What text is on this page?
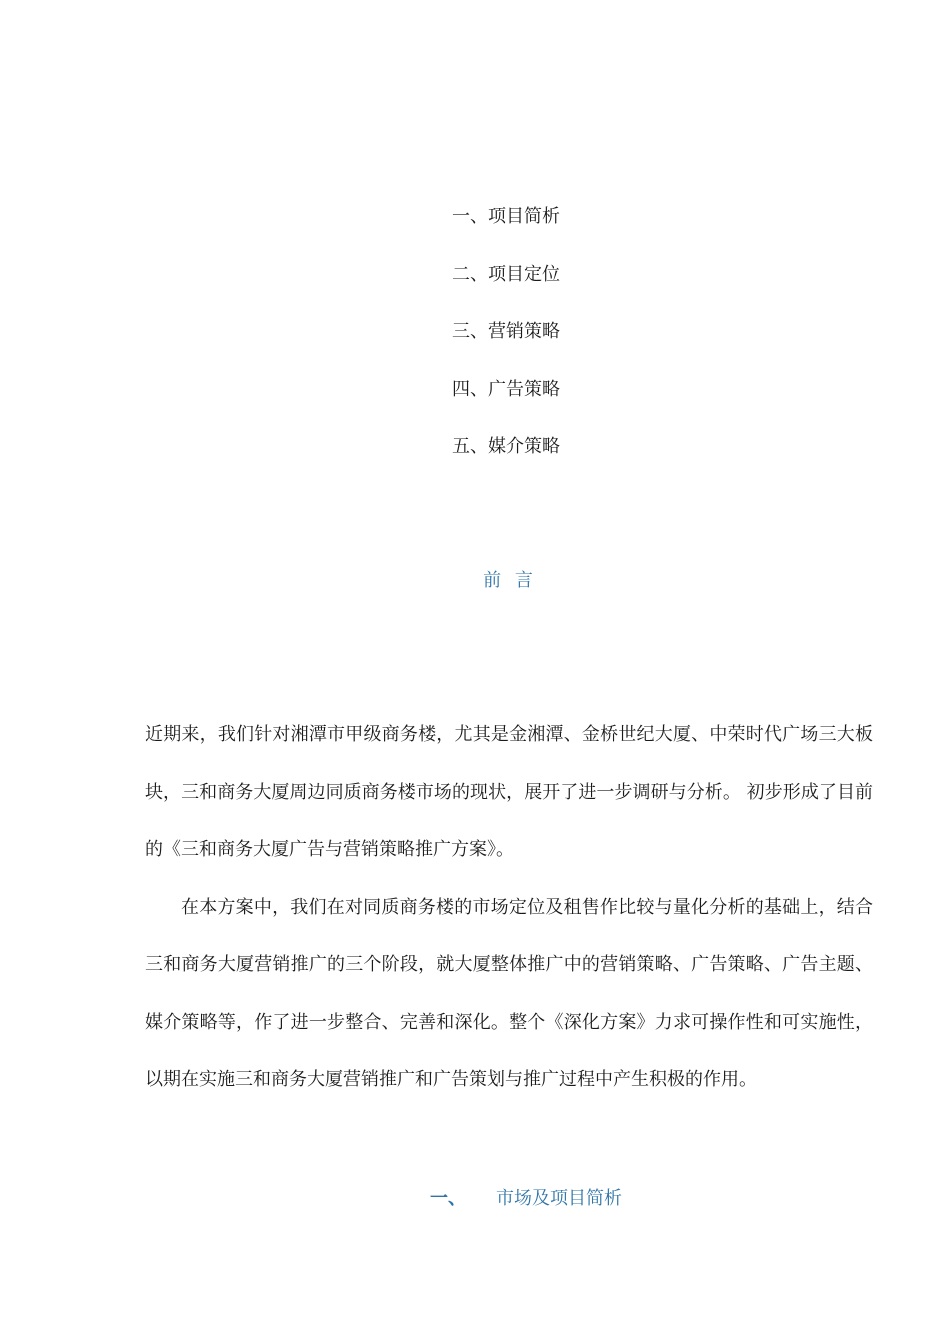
一、项目简析
二、项目定位
三、营销策略
四、广告策略
五、媒介策略
前 言

近期来，我们针对湘潭市甲级商务楼，尤其是金湘潭、金桥世纪大厦、中荣时代广场三大板块，三和商务大厦周边同质商务楼市场的现状，展开了进一步调研与分析。 初步形成了目前的《三和商务大厦广告与营销策略推广方案》。

在本方案中，我们在对同质商务楼的市场定位及租售作比较与量化分析的基础上，结合三和商务大厦营销推广的三个阶段，就大厦整体推广中的营销策略、广告策略、广告主题、媒介策略等，作了进一步整合、完善和深化。整个《深化方案》力求可操作性和可实施性，以期在实施三和商务大厦营销推广和广告策划与推广过程中产生积极的作用。

一、 市场及项目简析
